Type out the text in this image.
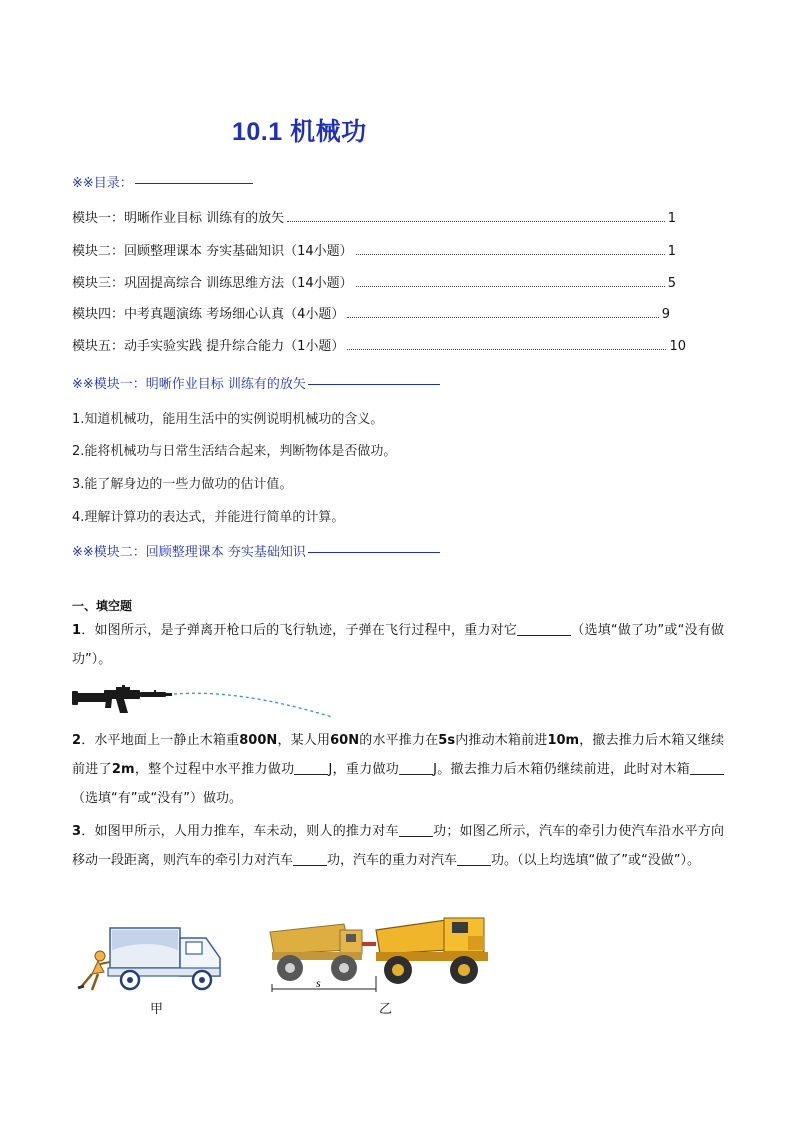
10.1 机械功
※※目录：
模块一：明晰作业目标 训练有的放矢	1
模块二：回顾整理课本 夯实基础知识（14小题）	1
模块三：巩固提高综合 训练思维方法（14小题）	5
模块四：中考真题演练 考场细心认真（4小题）	9
模块五：动手实验实践 提升综合能力（1小题）	10
※※模块一：明晰作业目标 训练有的放矢
1.知道机械功，能用生活中的实例说明机械功的含义。
2.能将机械功与日常生活结合起来，判断物体是否做功。
3.能了解身边的一些力做功的估计值。
4.理解计算功的表达式，并能进行简单的计算。
※※模块二：回顾整理课本 夯实基础知识
一、填空题
1．如图所示，是子弹离开枪口后的飞行轨迹，子弹在飞行过程中，重力对它	（选填“做了功”或“没有做功”）。
2．水平地面上一静止木箱重800N，某人用60N的水平推力在5s内推动木箱前进10m，撤去推力后木箱又继续前进了2m，整个过程中水平推力做功	J，重力做功	J。撤去推力后木箱仍继续前进，此时对木箱（选填“有”或“没有”）做功。
3．如图甲所示，人用力推车，车未动，则人的推力对车	功；如图乙所示，汽车的牵引力使汽车沿水平方向移动一段距离，则汽车的牵引力对汽车	功，汽车的重力对汽车	功。（以上均选填“做了”或“没做”）。
甲
s
乙
